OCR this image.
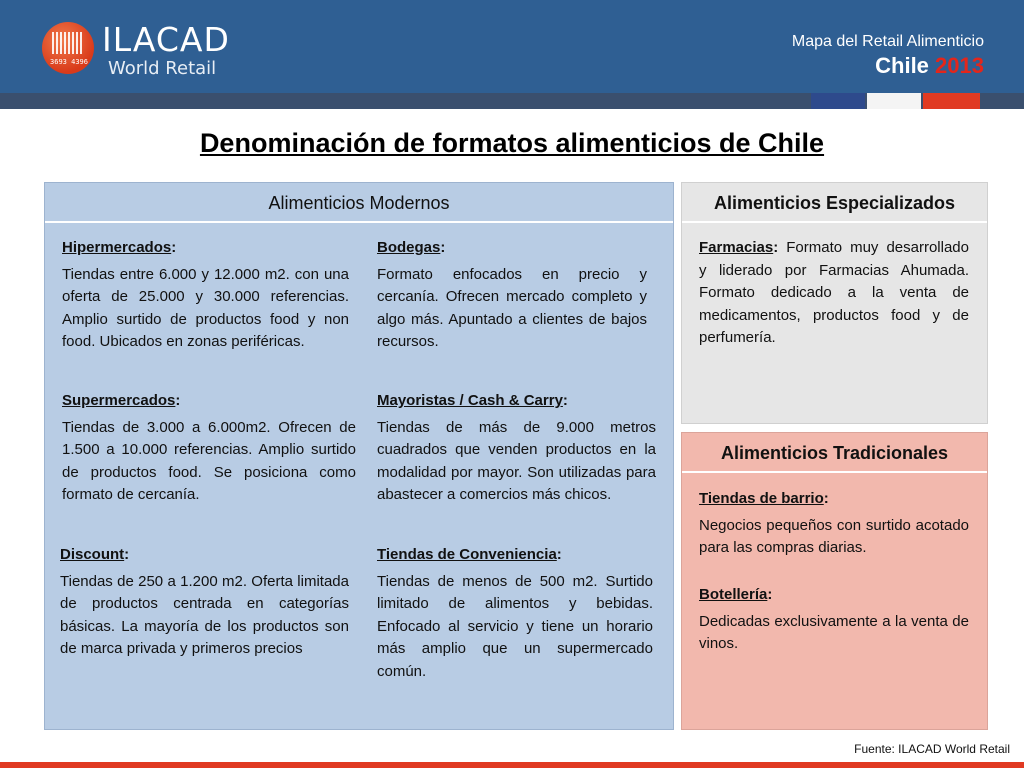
3693 4396
ILACAD
World Retail
Mapa del Retail Alimenticio
Chile 2013
Denominación de formatos alimenticios de Chile
Alimenticios Modernos
Hipermercados:

Tiendas entre 6.000 y 12.000 m2. con una oferta de 25.000 y 30.000 referencias. Amplio surtido de productos food y non food. Ubicados en zonas periféricas.

Bodegas:

Formato enfocados en precio y cercanía. Ofrecen mercado completo y algo más. Apuntado a clientes de bajos recursos.

Supermercados:

Tiendas de 3.000 a 6.000m2. Ofrecen de 1.500 a 10.000 referencias. Amplio surtido de productos food. Se posiciona como formato de cercanía.

Mayoristas / Cash & Carry:

Tiendas de más de 9.000 metros cuadrados que venden productos en la modalidad por mayor. Son utilizadas para abastecer a comercios más chicos.

Discount:

Tiendas de 250 a 1.200 m2. Oferta limitada de productos centrada en categorías básicas. La mayoría de los productos son de marca privada y primeros precios

Tiendas de Conveniencia:

Tiendas de menos de 500 m2. Surtido limitado de alimentos y bebidas. Enfocado al servicio y tiene un horario más amplio que un supermercado común.

Alimenticios Especializados

Farmacias: Formato muy desarrollado y liderado por Farmacias Ahumada. Formato dedicado a la venta de medicamentos, productos food y de perfumería.

Alimenticios Tradicionales
Tiendas de barrio:

Negocios pequeños con surtido acotado para las compras diarias.

Botellería:

Dedicadas exclusivamente a la venta de vinos.

Fuente: ILACAD World Retail
